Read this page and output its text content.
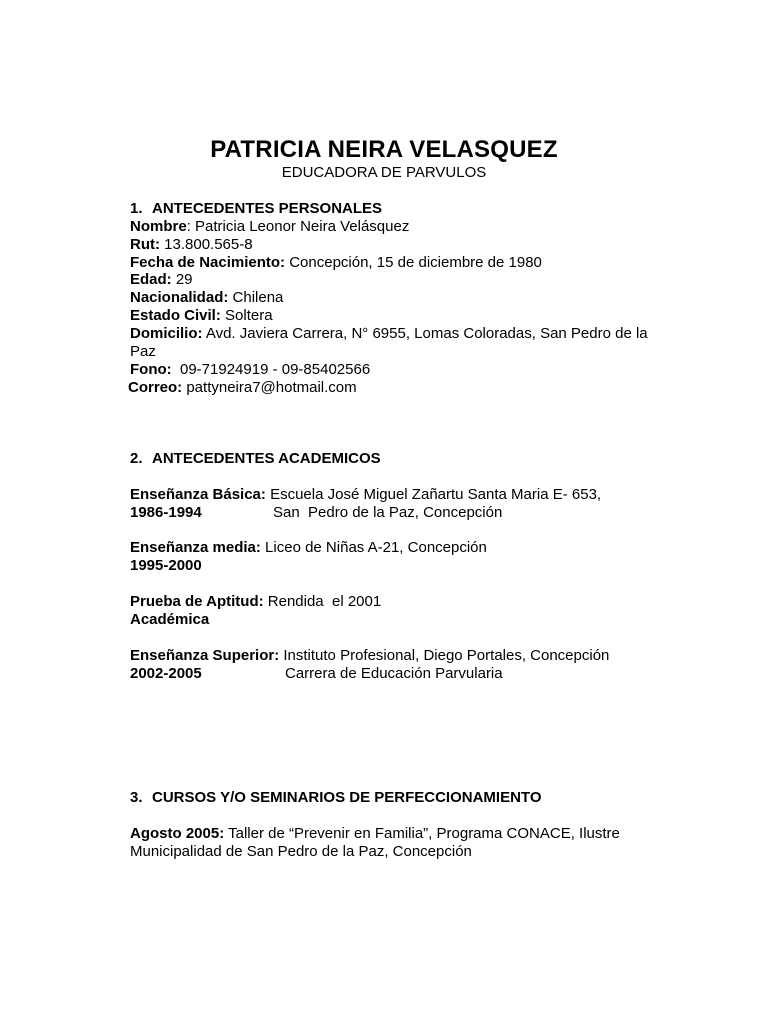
PATRICIA NEIRA VELASQUEZ
EDUCADORA DE PARVULOS
1. ANTECEDENTES PERSONALES
Nombre: Patricia Leonor Neira Velásquez
Rut: 13.800.565-8
Fecha de Nacimiento: Concepción, 15 de diciembre de 1980
Edad: 29
Nacionalidad: Chilena
Estado Civil: Soltera
Domicilio: Avd. Javiera Carrera, N° 6955, Lomas Coloradas, San Pedro de la Paz
Fono:  09-71924919 - 09-85402566
Correo: pattyneira7@hotmail.com
2. ANTECEDENTES ACADEMICOS
Enseñanza Básica: Escuela José Miguel Zañartu Santa Maria E- 653,
1986-1994	San  Pedro de la Paz, Concepción
Enseñanza media: Liceo de Niñas A-21, Concepción
1995-2000
Prueba de Aptitud: Rendida  el 2001
Académica
Enseñanza Superior: Instituto Profesional, Diego Portales, Concepción
2002-2005	Carrera de Educación Parvularia
3. CURSOS Y/O SEMINARIOS DE PERFECCIONAMIENTO
Agosto 2005: Taller de “Prevenir en Familia”, Programa CONACE, Ilustre Municipalidad de San Pedro de la Paz, Concepción
